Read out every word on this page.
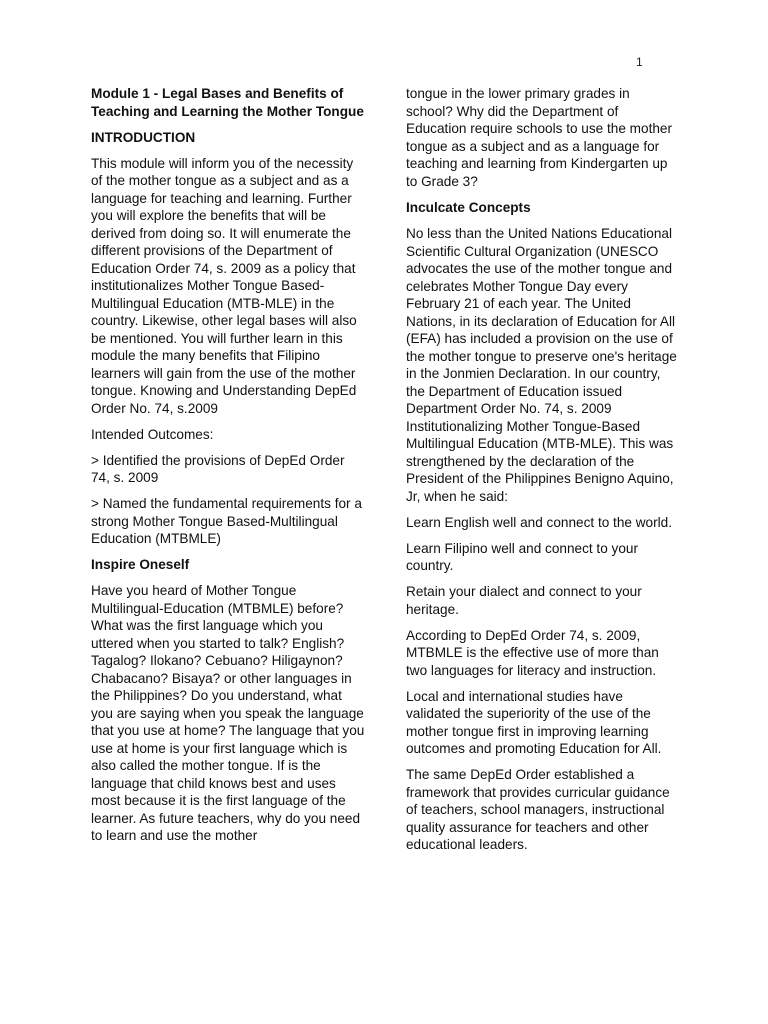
1

Module 1 - Legal Bases and Benefits of Teaching and Learning the Mother Tongue

INTRODUCTION

This module will inform you of the necessity of the mother tongue as a subject and as a language for teaching and learning. Further you will explore the benefits that will be derived from doing so. It will enumerate the different provisions of the Department of Education Order 74, s. 2009 as a policy that institutionalizes Mother Tongue Based- Multilingual Education (MTB-MLE) in the country. Likewise, other legal bases will also be mentioned. You will further learn in this module the many benefits that Filipino learners will gain from the use of the mother tongue. Knowing and Understanding DepEd Order No. 74, s.2009

Intended Outcomes:

> Identified the provisions of DepEd Order 74, s. 2009

> Named the fundamental requirements for a strong Mother Tongue Based-Multilingual Education (MTBMLE)

Inspire Oneself

Have you heard of Mother Tongue Multilingual-Education (MTBMLE) before? What was the first language which you uttered when you started to talk? English? Tagalog? Ilokano? Cebuano? Hiligaynon? Chabacano? Bisaya? or other languages in the Philippines? Do you understand, what you are saying when you speak the language that you use at home? The language that you use at home is your first language which is also called the mother tongue. If is the language that child knows best and uses most because it is the first language of the learner. As future teachers, why do you need to learn and use the mother

tongue in the lower primary grades in school? Why did the Department of Education require schools to use the mother tongue as a subject and as a language for teaching and learning from Kindergarten up to Grade 3?

Inculcate Concepts

No less than the United Nations Educational Scientific Cultural Organization (UNESCO advocates the use of the mother tongue and celebrates Mother Tongue Day every February 21 of each year. The United Nations, in its declaration of Education for All (EFA) has included a provision on the use of the mother tongue to preserve one's heritage in the Jonmien Declaration. In our country, the Department of Education issued Department Order No. 74, s. 2009 Institutionalizing Mother Tongue-Based Multilingual Education (MTB-MLE). This was strengthened by the declaration of the President of the Philippines Benigno Aquino, Jr, when he said:

Learn English well and connect to the world.

Learn Filipino well and connect to your country.

Retain your dialect and connect to your heritage.

According to DepEd Order 74, s. 2009, MTBMLE is the effective use of more than two languages for literacy and instruction.

Local and international studies have validated the superiority of the use of the mother tongue first in improving learning outcomes and promoting Education for All.

The same DepEd Order established a framework that provides curricular guidance of teachers, school managers, instructional quality assurance for teachers and other educational leaders.
